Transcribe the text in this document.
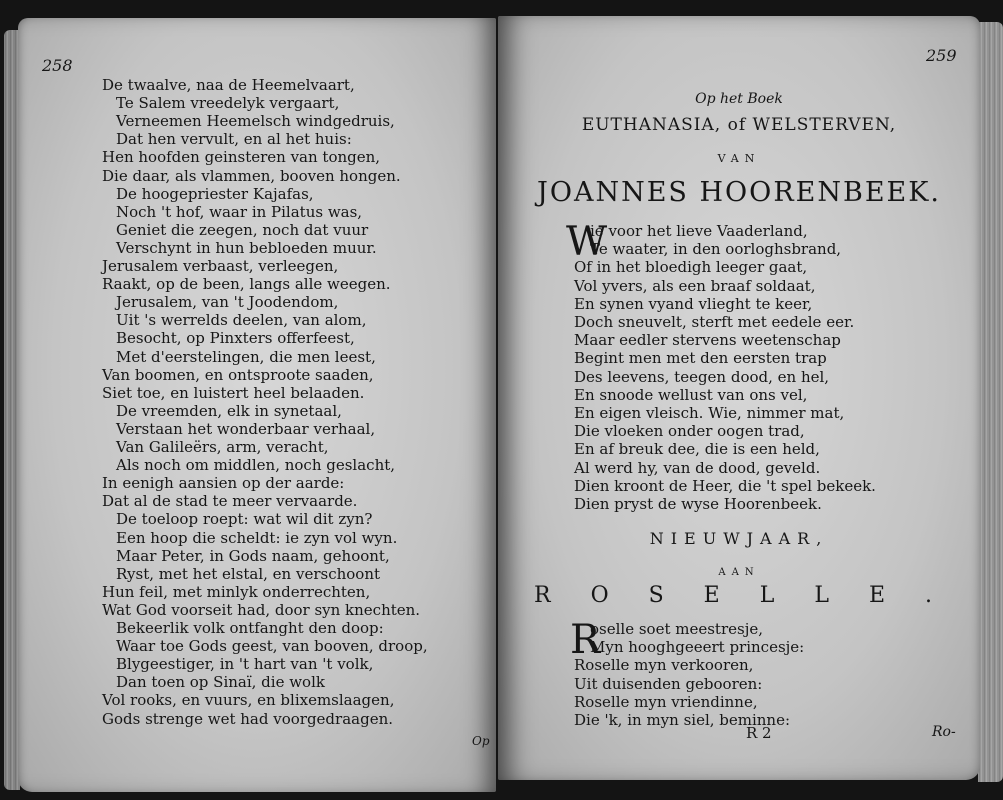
258
De twaalve, naa de Heemelvaart,
Te Salem vreedelyk vergaart,
Verneemen Heemelsch windgedruis,
Dat hen vervult, en al het huis:
Hen hoofden geinsteren van tongen,
Die daar, als vlammen, booven hongen.
De hoogepriester Kajafas,
Noch 't hof, waar in Pilatus was,
Geniet die zeegen, noch dat vuur
Verschynt in hun bebloeden muur.
Jerusalem verbaast, verleegen,
Raakt, op de been, langs alle weegen.
Jerusalem, van 't Joodendom,
Uit 's werrelds deelen, van alom,
Besocht, op Pinxters offerfeest,
Met d'eerstelingen, die men leest,
Van boomen, en ontsproote saaden,
Siet toe, en luistert heel belaaden.
De vreemden, elk in synetaal,
Verstaan het wonderbaar verhaal,
Van Galileërs, arm, veracht,
Als noch om middlen, noch geslacht,
In eenigh aansien op der aarde:
Dat al de stad te meer vervaarde.
De toeloop roept: wat wil dit zyn?
Een hoop die scheldt: ie zyn vol wyn.
Maar Peter, in Gods naam, gehoont,
Ryst, met het elstal, en verschoont
Hun feil, met minlyk onderrechten,
Wat God voorseit had, door syn knechten.
Bekeerlik volk ontfanght den doop:
Waar toe Gods geest, van booven, droop,
Blygeestiger, in 't hart van 't volk,
Dan toen op Sinaï, die wolk
Vol rooks, en vuurs, en blixemslaagen,
Gods strenge wet had voorgedraagen.
Op
259
Op het Boek
EUTHANASIA, of WELSTERVEN,
VAN
JOANNES HOORENBEEK.
W
ie voor het lieve Vaaderland,
Te waater, in den oorloghsbrand,
Of in het bloedigh leeger gaat,
Vol yvers, als een braaf soldaat,
En synen vyand vlieght te keer,
Doch sneuvelt, sterft met eedele eer.
Maar eedler stervens weetenschap
Begint men met den eersten trap
Des leevens, teegen dood, en hel,
En snoode wellust van ons vel,
En eigen vleisch. Wie, nimmer mat,
Die vloeken onder oogen trad,
En af breuk dee, die is een held,
Al werd hy, van de dood, geveld.
Dien kroont de Heer, die 't spel bekeek.
Dien pryst de wyse Hoorenbeek.
NIEUWJAAR,
AAN
ROSELLE.
R
oselle soet meestresje,
Myn hooghgeeert princesje:
Roselle myn verkooren,
Uit duisenden gebooren:
Roselle myn vriendinne,
Die 'k, in myn siel, beminne:
R 2	Ro-
